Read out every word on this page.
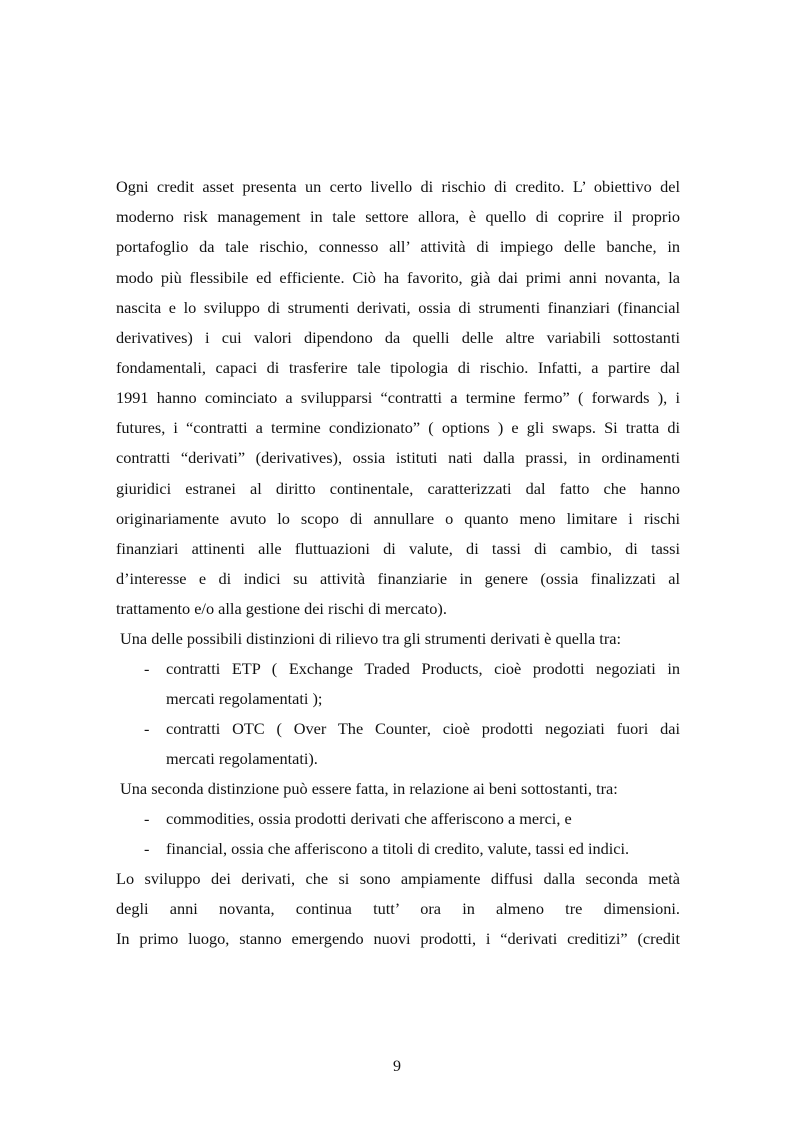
Ogni credit asset presenta un certo livello di rischio di credito. L’ obiettivo del
moderno risk management in tale settore allora, è quello di coprire il proprio
portafoglio da tale rischio, connesso all’ attività di impiego delle banche, in
modo più flessibile ed efficiente. Ciò ha favorito, già dai primi anni novanta, la
nascita e lo sviluppo di strumenti derivati, ossia di strumenti finanziari (financial
derivatives) i cui valori dipendono da quelli delle altre variabili sottostanti
fondamentali, capaci di trasferire tale tipologia di rischio. Infatti, a partire dal
1991 hanno cominciato a svilupparsi “contratti a termine fermo” ( forwards ), i
futures, i “contratti a termine condizionato” ( options ) e gli swaps. Si tratta di
contratti “derivati” (derivatives), ossia istituti nati dalla prassi, in ordinamenti
giuridici estranei al diritto continentale, caratterizzati dal fatto che hanno
originariamente avuto lo scopo di annullare o quanto meno limitare i rischi
finanziari attinenti alle fluttuazioni di valute, di tassi di cambio, di tassi
d’interesse e di indici su attività finanziarie in genere (ossia finalizzati al
trattamento e/o alla gestione dei rischi di mercato).
Una delle possibili distinzioni di rilievo tra gli strumenti derivati è quella tra:
- contratti ETP ( Exchange Traded Products, cioè prodotti negoziati in
mercati regolamentati );
- contratti OTC ( Over The Counter, cioè prodotti negoziati fuori dai
mercati regolamentati).
Una seconda distinzione può essere fatta, in relazione ai beni sottostanti, tra:
- commodities, ossia prodotti derivati che afferiscono a merci, e
- financial, ossia che afferiscono a titoli di credito, valute, tassi ed indici.
Lo sviluppo dei derivati, che si sono ampiamente diffusi dalla seconda metà
degli anni novanta, continua tutt’ ora in almeno tre dimensioni.
In primo luogo, stanno emergendo nuovi prodotti, i “derivati creditizi” (credit
9
